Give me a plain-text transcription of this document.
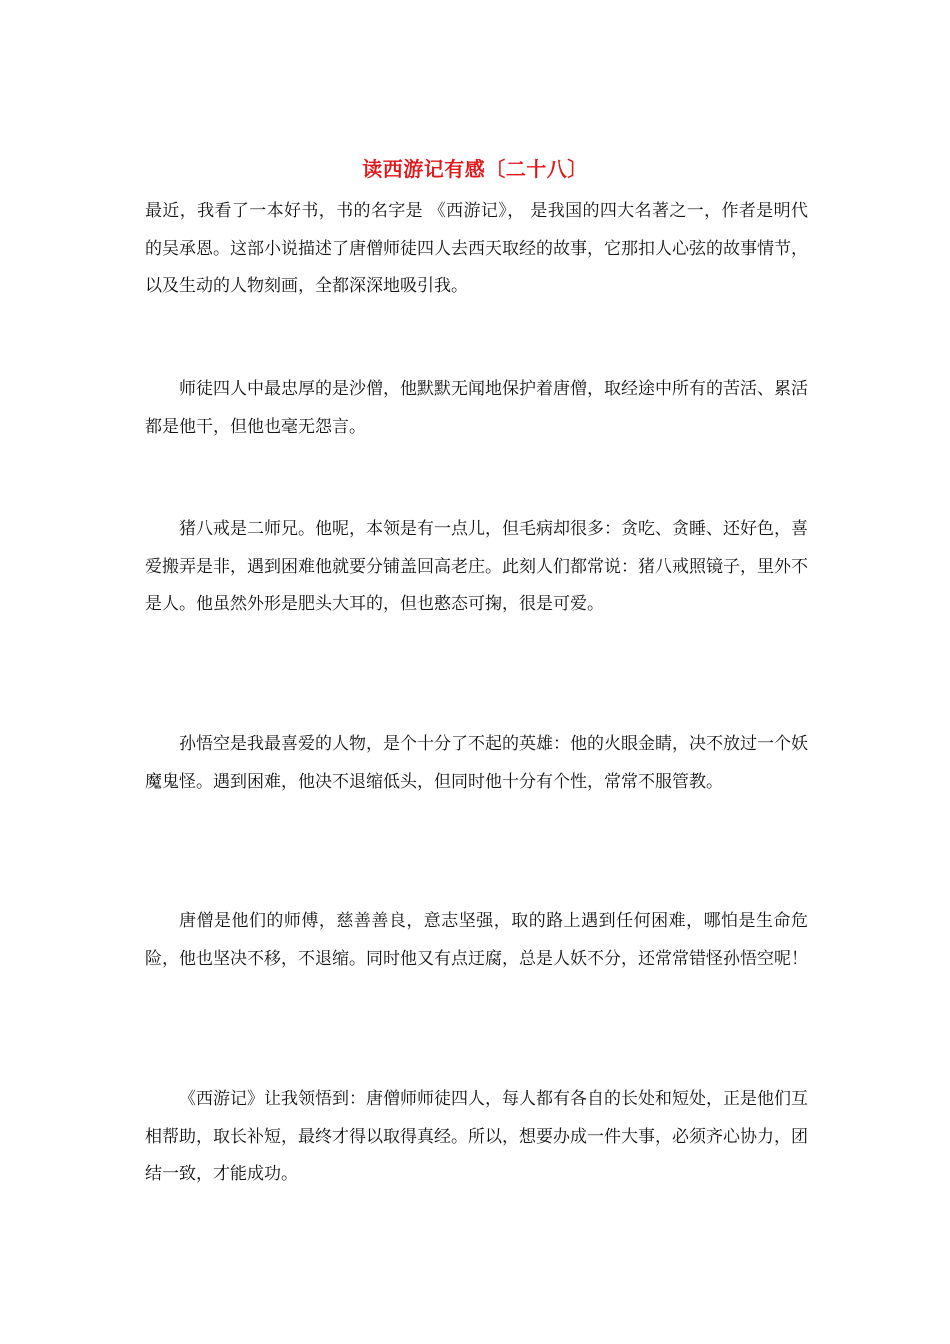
读西游记有感〔二十八〕

最近，我看了一本好书，书的名字是 《西游记》， 是我国的四大名著之一，作者是明代的吴承恩。这部小说描述了唐僧师徒四人去西天取经的故事，它那扣人心弦的故事情节，以及生动的人物刻画，全都深深地吸引我。

师徒四人中最忠厚的是沙僧，他默默无闻地保护着唐僧，取经途中所有的苦活、累活都是他干，但他也毫无怨言。

猪八戒是二师兄。他呢，本领是有一点儿，但毛病却很多：贪吃、贪睡、还好色，喜爱搬弄是非，遇到困难他就要分铺盖回高老庄。此刻人们都常说：猪八戒照镜子，里外不是人。他虽然外形是肥头大耳的，但也憨态可掬，很是可爱。

孙悟空是我最喜爱的人物，是个十分了不起的英雄：他的火眼金睛，决不放过一个妖魔鬼怪。遇到困难，他决不退缩低头，但同时他十分有个性，常常不服管教。

唐僧是他们的师傅，慈善善良，意志坚强，取的路上遇到任何困难，哪怕是生命危险，他也坚决不移，不退缩。同时他又有点迂腐，总是人妖不分，还常常错怪孙悟空呢！

《西游记》让我领悟到：唐僧师师徒四人，每人都有各自的长处和短处，正是他们互相帮助，取长补短，最终才得以取得真经。所以，想要办成一件大事，必须齐心协力，团结一致，才能成功。
